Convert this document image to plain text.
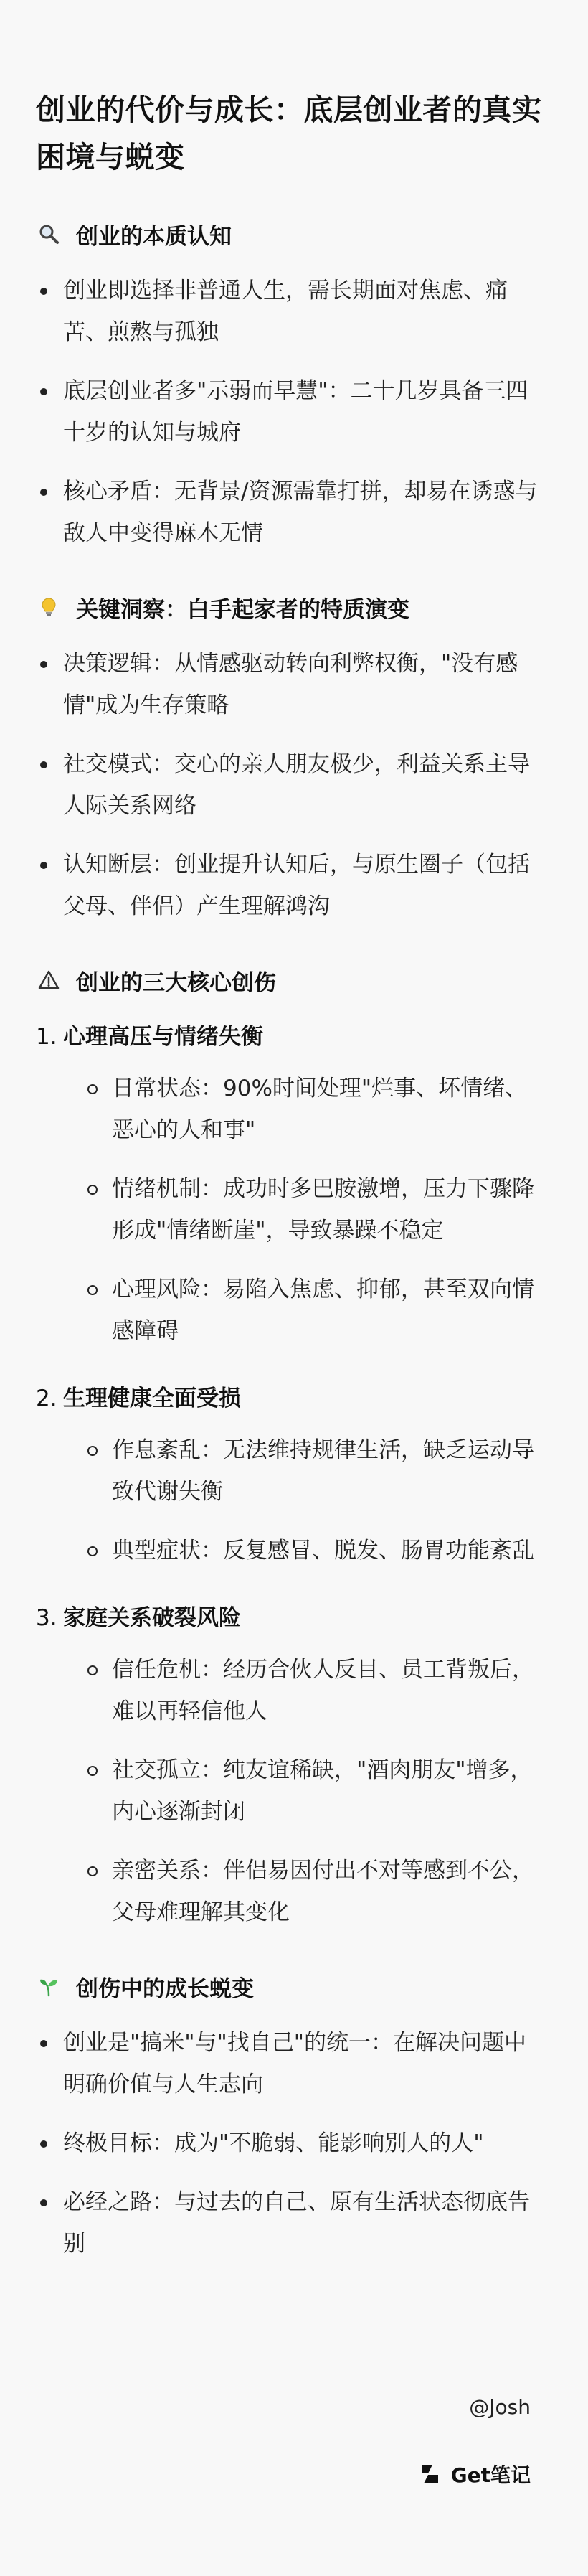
创业的代价与成长：底层创业者的真实困境与蜕变
创业的本质认知
创业即选择非普通人生，需长期面对焦虑、痛苦、煎熬与孤独
底层创业者多"示弱而早慧"：二十几岁具备三四十岁的认知与城府
核心矛盾：无背景/资源需靠打拼，却易在诱惑与敌人中变得麻木无情
关键洞察：白手起家者的特质演变
决策逻辑：从情感驱动转向利弊权衡，"没有感情"成为生存策略
社交模式：交心的亲人朋友极少，利益关系主导人际关系网络
认知断层：创业提升认知后，与原生圈子（包括父母、伴侣）产生理解鸿沟
创业的三大核心创伤
1. 心理高压与情绪失衡
日常状态：90%时间处理"烂事、坏情绪、恶心的人和事"
情绪机制：成功时多巴胺激增，压力下骤降形成"情绪断崖"，导致暴躁不稳定
心理风险：易陷入焦虑、抑郁，甚至双向情感障碍
2. 生理健康全面受损
作息紊乱：无法维持规律生活，缺乏运动导致代谢失衡
典型症状：反复感冒、脱发、肠胃功能紊乱
3. 家庭关系破裂风险
信任危机：经历合伙人反目、员工背叛后，难以再轻信他人
社交孤立：纯友谊稀缺，"酒肉朋友"增多，内心逐渐封闭
亲密关系：伴侣易因付出不对等感到不公，父母难理解其变化
创伤中的成长蜕变
创业是"搞米"与"找自己"的统一：在解决问题中明确价值与人生志向
终极目标：成为"不脆弱、能影响别人的人"
必经之路：与过去的自己、原有生活状态彻底告别
@Josh
Get笔记
